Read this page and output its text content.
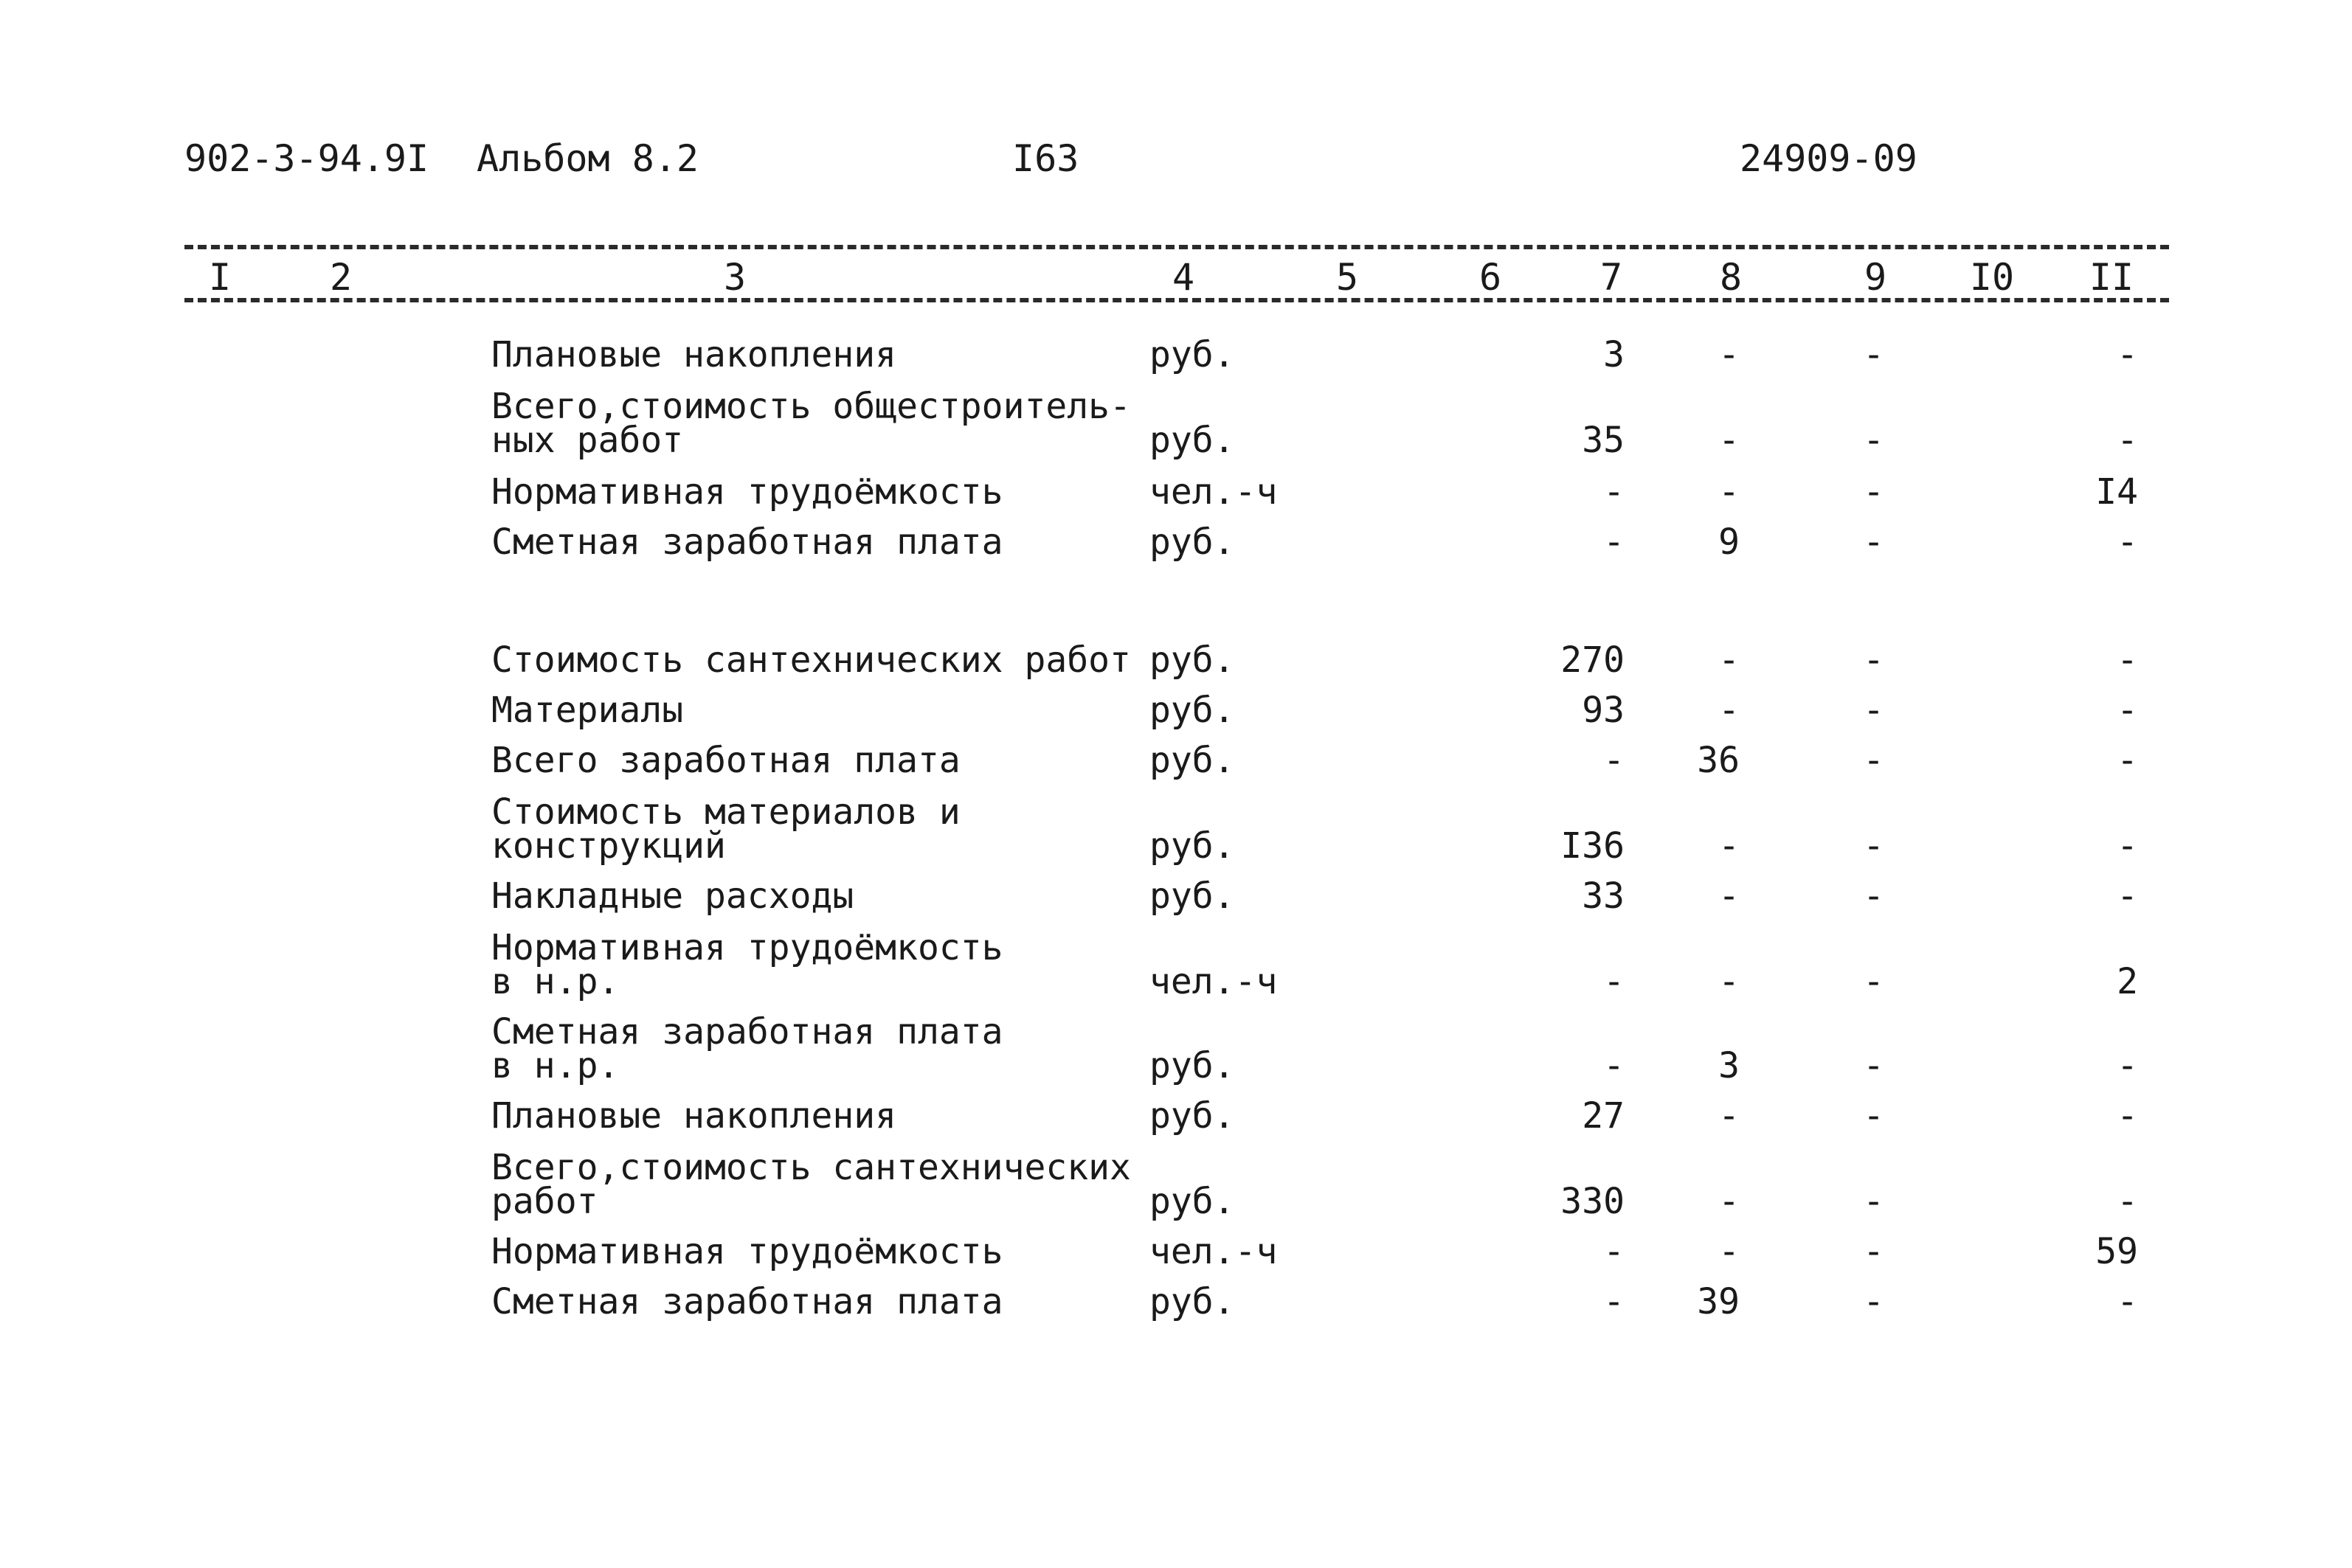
902-3-94.9I Альбом 8.2	I63	24909-09
I	2	3	4	5	6	7	8	9 I0 II
Плановые накопления	руб.	3	-	-	-
Всего,стоимость общестроитель-
ных работ	руб.	35	-	-	-
Нормативная трудоёмкость	чел.-ч	-	-	-	I4
Сметная заработная плата	руб.	-	9	-	-
Стоимость сантехнических работ руб.	270	-	-	-
Материалы	руб.	93	-	-	-
Всего заработная плата	руб.	-	36	-	-
Стоимость материалов и
конструкций	руб.	I36	-	-	-
Накладные расходы	руб.	33	-	-	-
Нормативная трудоёмкость
в н.р.	чел.-ч	-	-	-	2
Сметная заработная плата
в н.р.	руб.	-	3	-	-
Плановые накопления	руб.	27	-	-	-
Всего,стоимость сантехнических
работ	руб.	330	-	-	-
Нормативная трудоёмкость	чел.-ч	-	-	-	59
Сметная заработная плата	руб.	-	39	-	-
